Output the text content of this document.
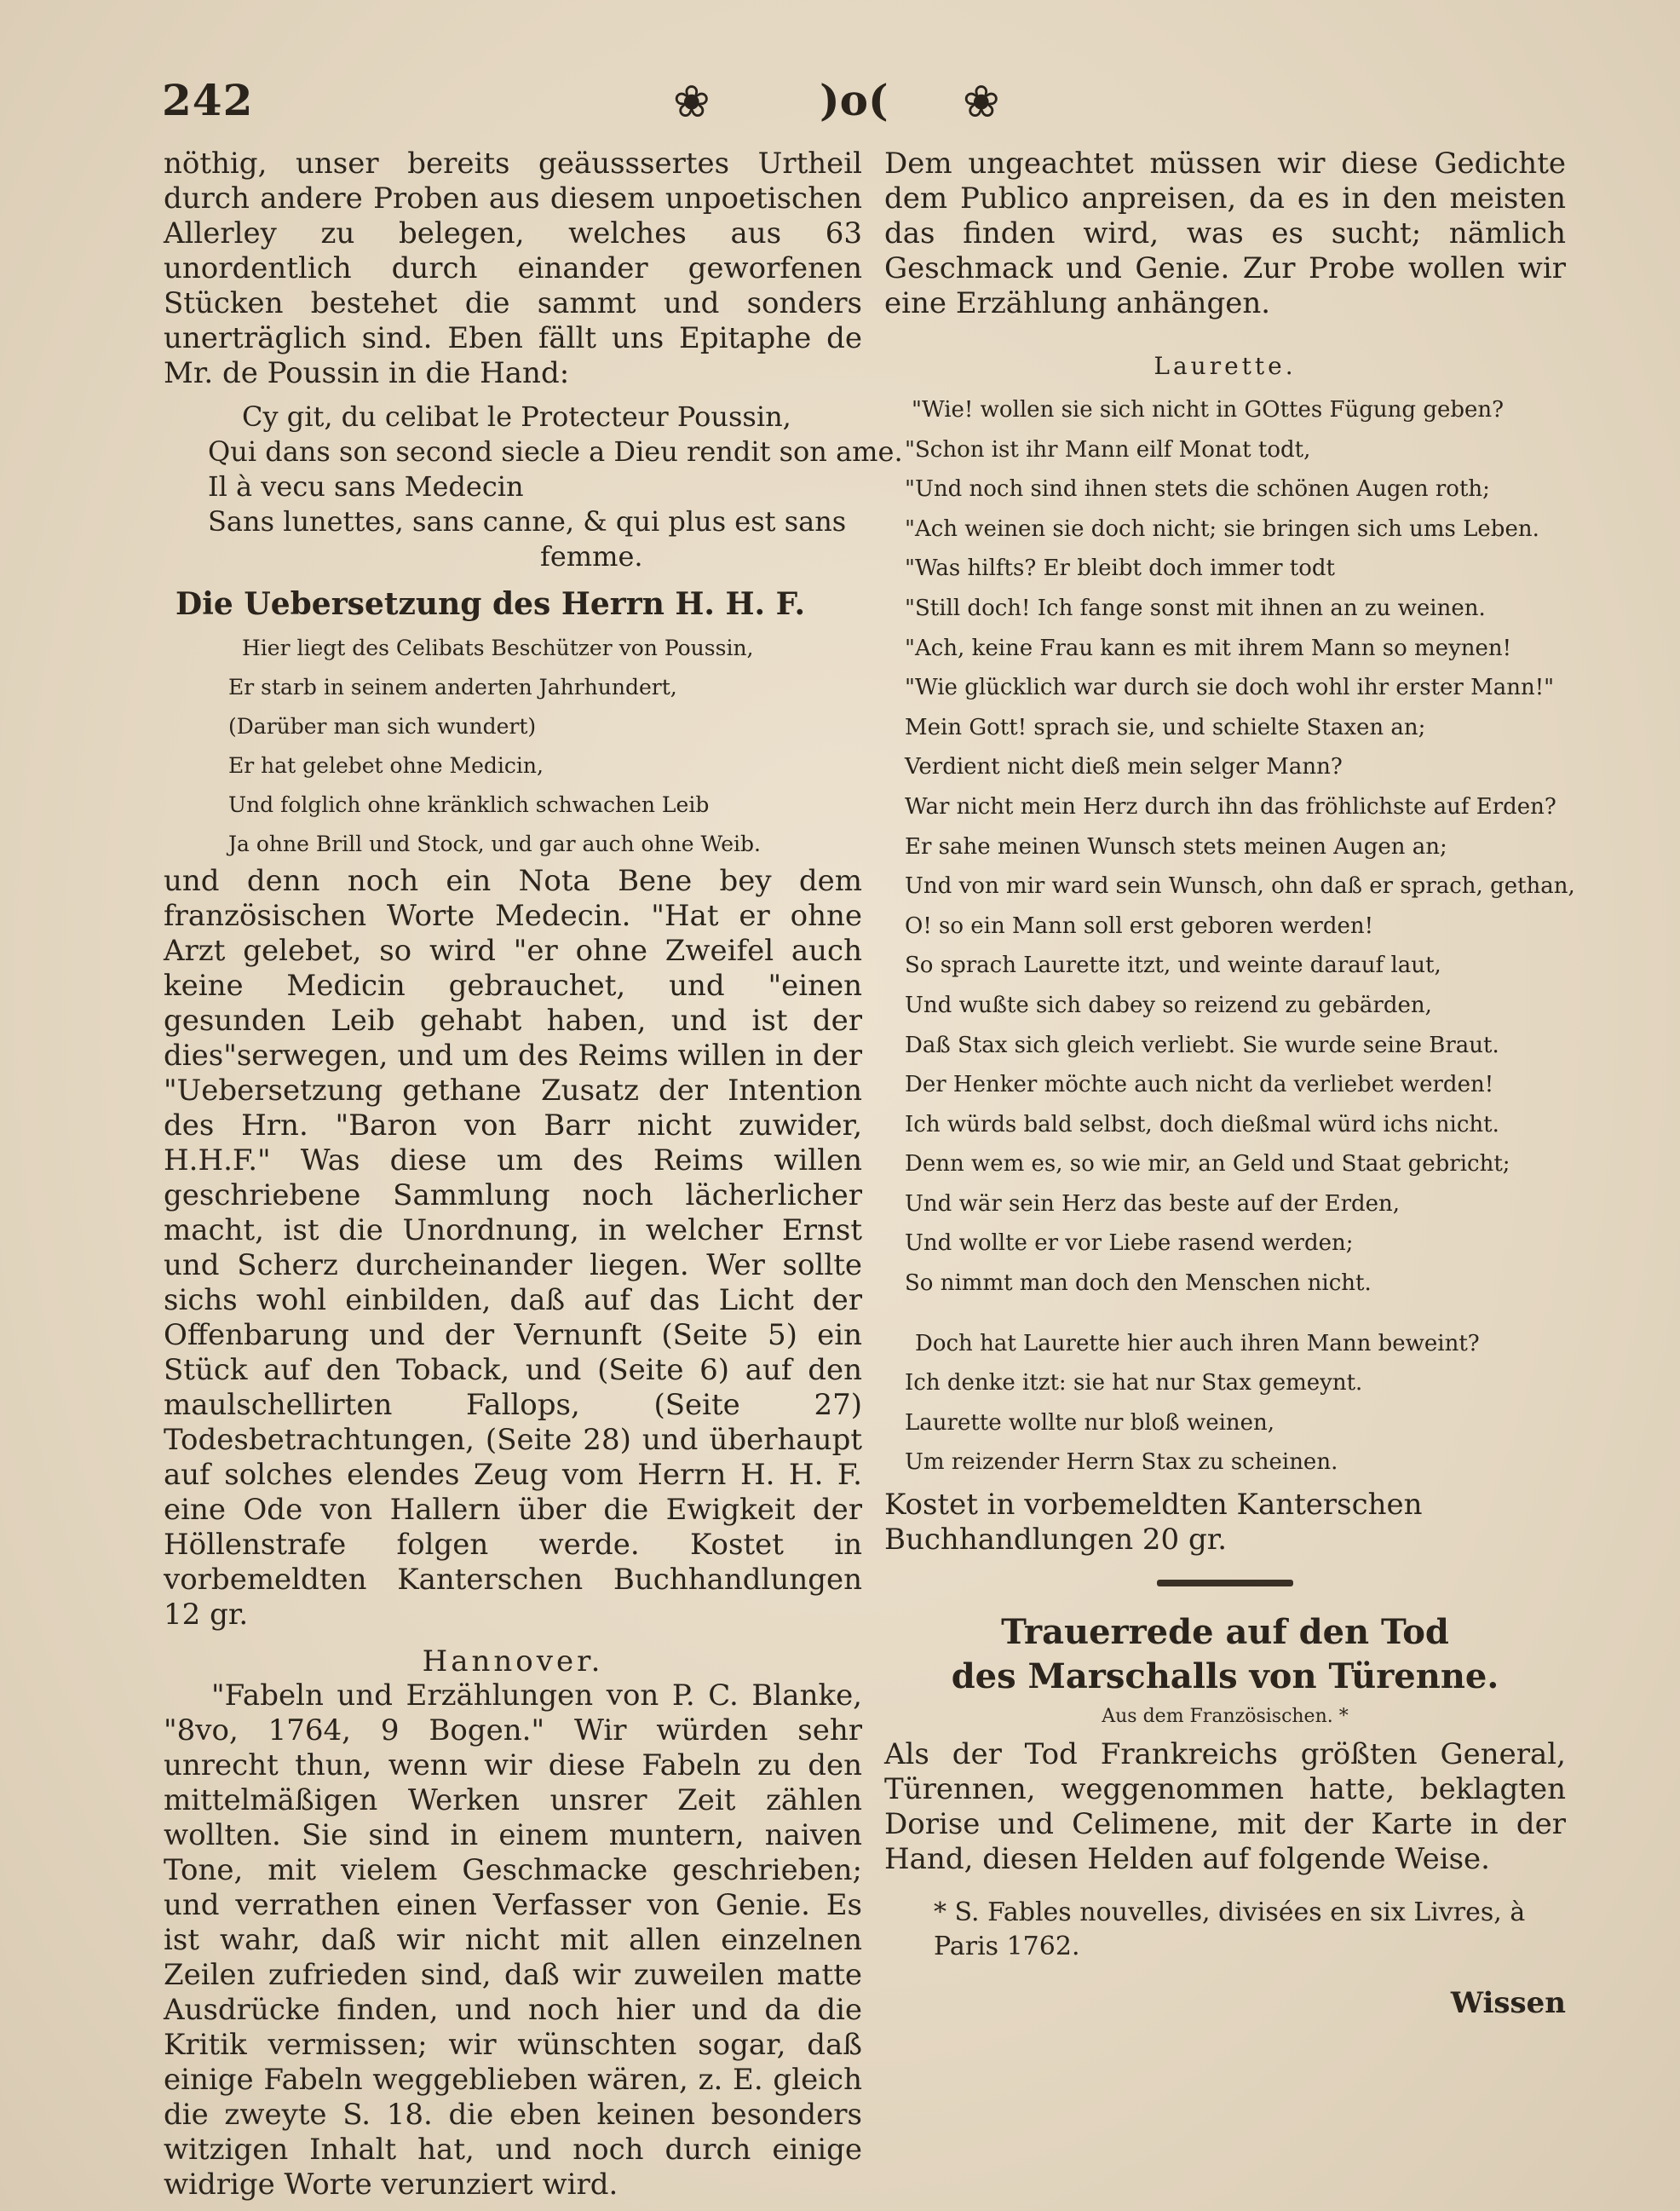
242	❀	)o( ❀

nöthig, unser bereits geäusssertes Urtheil durch andere Proben aus diesem unpoetischen Allerley zu belegen, welches aus 63 unordentlich durch einander geworfenen Stücken bestehet die sammt und sonders unerträglich sind. Eben fällt uns Epitaphe de Mr. de Poussin in die Hand:

Cy git, du celibat le Protecteur Poussin,
Qui dans son second siecle a Dieu rendit son ame.
Il à vecu sans Medecin
Sans lunettes, sans canne, & qui plus est sans
femme.
Die Uebersetzung des Herrn H. H. F.
Hier liegt des Celibats Beschützer von Poussin,
Er starb in seinem anderten Jahrhundert,
(Darüber man sich wundert)
Er hat gelebet ohne Medicin,
Und folglich ohne kränklich schwachen Leib
Ja ohne Brill und Stock, und gar auch ohne Weib.

und denn noch ein Nota Bene bey dem französischen Worte Medecin. "Hat er ohne Arzt gelebet, so wird "er ohne Zweifel auch keine Medicin gebrauchet, und "einen gesunden Leib gehabt haben, und ist der dies"serwegen, und um des Reims willen in der "Uebersetzung gethane Zusatz der Intention des Hrn. "Baron von Barr nicht zuwider, H.H.F." Was diese um des Reims willen geschriebene Sammlung noch lächerlicher macht, ist die Unordnung, in welcher Ernst und Scherz durcheinander liegen. Wer sollte sichs wohl einbilden, daß auf das Licht der Offenbarung und der Vernunft (Seite 5) ein Stück auf den Toback, und (Seite 6) auf den maulschellirten Fallops, (Seite 27) Todesbetrachtungen, (Seite 28) und überhaupt auf solches elendes Zeug vom Herrn H. H. F. eine Ode von Hallern über die Ewigkeit der Höllenstrafe folgen werde. Kostet in vorbemeldten Kanterschen Buchhandlungen 12 gr.

Hannover.

"Fabeln und Erzählungen von P. C. Blanke, "8vo, 1764, 9 Bogen." Wir würden sehr unrecht thun, wenn wir diese Fabeln zu den mittelmäßigen Werken unsrer Zeit zählen wollten. Sie sind in einem muntern, naiven Tone, mit vielem Geschmacke geschrieben; und verrathen einen Verfasser von Genie. Es ist wahr, daß wir nicht mit allen einzelnen Zeilen zufrieden sind, daß wir zuweilen matte Ausdrücke finden, und noch hier und da die Kritik vermissen; wir wünschten sogar, daß einige Fabeln weggeblieben wären, z. E. gleich die zweyte S. 18. die eben keinen besonders witzigen Inhalt hat, und noch durch einige widrige Worte verunziert wird.

Dem ungeachtet müssen wir diese Gedichte dem Publico anpreisen, da es in den meisten das finden wird, was es sucht; nämlich Geschmack und Genie. Zur Probe wollen wir eine Erzählung anhängen.

Laurette.
"Wie! wollen sie sich nicht in GOttes Fügung geben?
"Schon ist ihr Mann eilf Monat todt,
"Und noch sind ihnen stets die schönen Augen roth;
"Ach weinen sie doch nicht; sie bringen sich ums Leben.
"Was hilfts? Er bleibt doch immer todt
"Still doch! Ich fange sonst mit ihnen an zu weinen.
"Ach, keine Frau kann es mit ihrem Mann so meynen!
"Wie glücklich war durch sie doch wohl ihr erster Mann!"
Mein Gott! sprach sie, und schielte Staxen an;
Verdient nicht dieß mein selger Mann?
War nicht mein Herz durch ihn das fröhlichste auf Erden?
Er sahe meinen Wunsch stets meinen Augen an;
Und von mir ward sein Wunsch, ohn daß er sprach, gethan,
O! so ein Mann soll erst geboren werden!
So sprach Laurette itzt, und weinte darauf laut,
Und wußte sich dabey so reizend zu gebärden,
Daß Stax sich gleich verliebt. Sie wurde seine Braut.
Der Henker möchte auch nicht da verliebet werden!
Ich würds bald selbst, doch dießmal würd ichs nicht.
Denn wem es, so wie mir, an Geld und Staat gebricht;
Und wär sein Herz das beste auf der Erden,
Und wollte er vor Liebe rasend werden;
So nimmt man doch den Menschen nicht.
Doch hat Laurette hier auch ihren Mann beweint?
Ich denke itzt: sie hat nur Stax gemeynt.
Laurette wollte nur bloß weinen,
Um reizender Herrn Stax zu scheinen.

Kostet in vorbemeldten Kanterschen Buchhandlungen 20 gr.

Trauerrede auf den Tod
des Marschalls von Türenne.
Aus dem Französischen. *

Als der Tod Frankreichs größten General, Türennen, weggenommen hatte, beklagten Dorise und Celimene, mit der Karte in der Hand, diesen Helden auf folgende Weise.

* S. Fables nouvelles, divisées en six Livres, à Paris 1762.

Wissen
